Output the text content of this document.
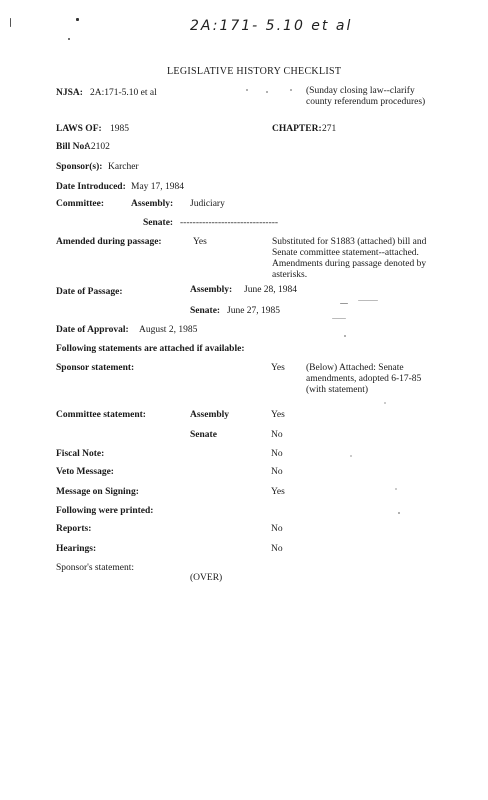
2A:171- 5.10 et al
LEGISLATIVE HISTORY CHECKLIST
NJSA: 2A:171-5.10 et al	(Sunday closing law--clarify county referendum procedures)
LAWS OF: 1985	CHAPTER: 271
Bill No:
A2102
Sponsor(s): Karcher
Date Introduced: May 17, 1984
Committee:	Assembly: Judiciary
Senate: -------------------------------
Amended during passage:	Yes	Substituted for S1883 (attached) bill and Senate committee statement--attached. Amendments during passage denoted by asterisks.
Date of Passage:	Assembly: June 28, 1984
Senate: June 27, 1985
Date of Approval: August 2, 1985
Following statements are attached if available:
Sponsor statement:	Yes (Below) Attached: Senate amendments, adopted 6-17-85 (with statement)
Committee statement:	Assembly	Yes
Senate	No
Fiscal Note:	No
Veto Message:	No
Message on Signing:	Yes
Following were printed:
Reports:	No
Hearings:	No
Sponsor's statement:
(OVER)
